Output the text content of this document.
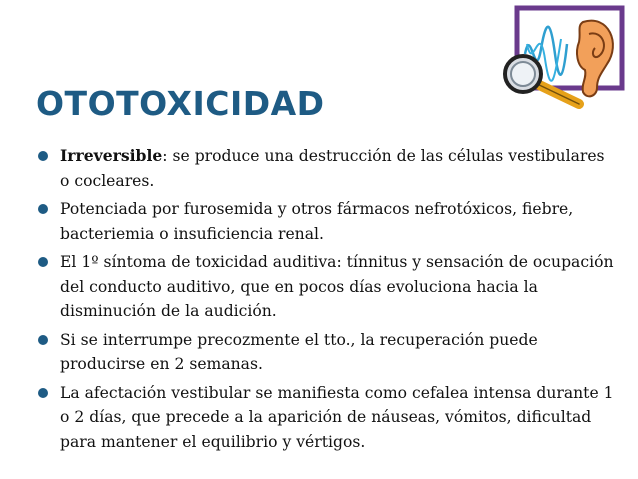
OTOTOXICIDAD
Irreversible: se produce una destrucción de las células vestibulares o cocleares.
Potenciada por furosemida y otros fármacos nefrotóxicos, fiebre, bacteriemia o insuficiencia renal.
El 1º síntoma de toxicidad auditiva: tínnitus y sensación de ocupación del conducto auditivo, que en pocos días evoluciona hacia la disminución de la audición.
Si se interrumpe precozmente el tto., la recuperación puede producirse en 2 semanas.
La afectación vestibular se manifiesta como cefalea intensa durante 1 o 2 días, que precede a la aparición de náuseas, vómitos, dificultad para mantener el equilibrio y vértigos.
